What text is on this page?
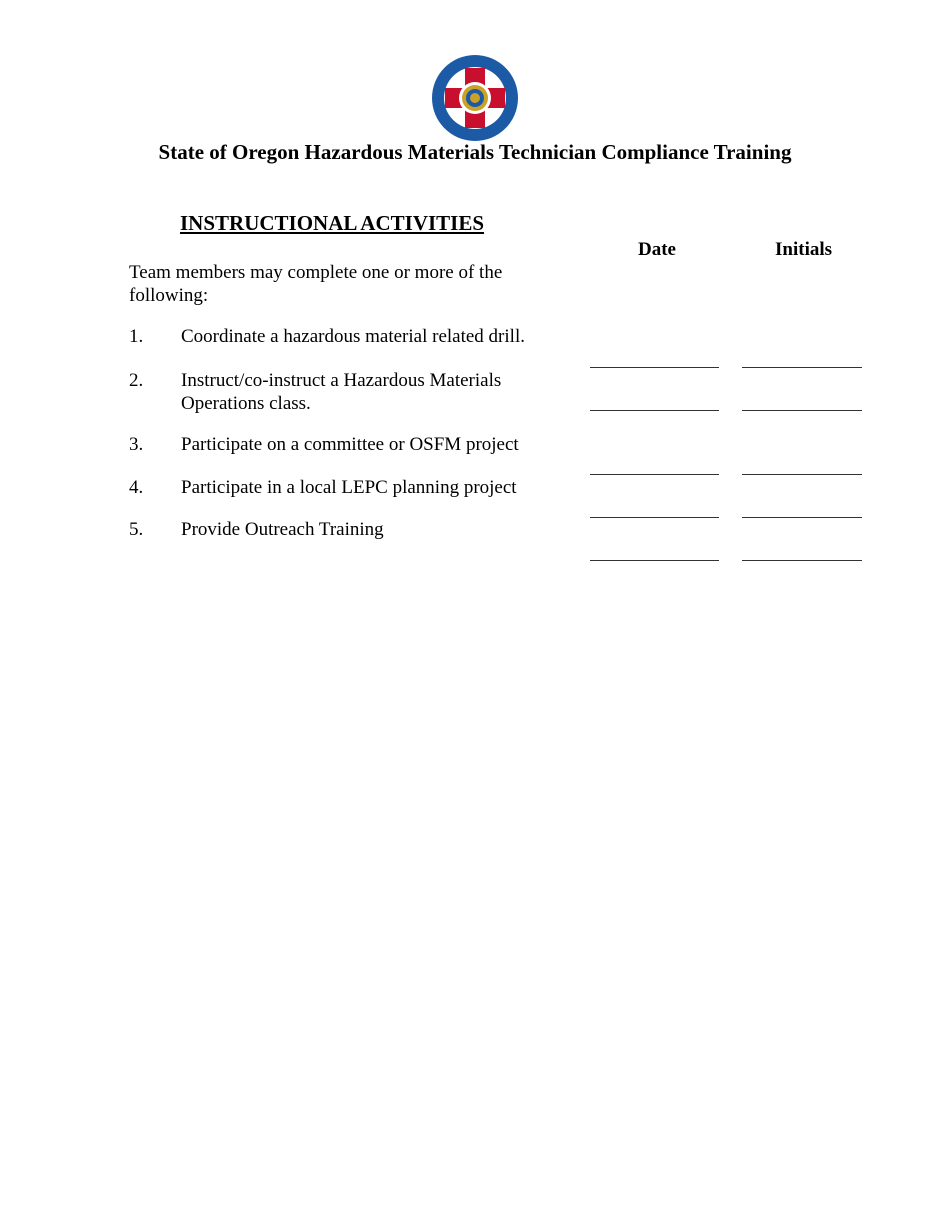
State of Oregon Hazardous Materials Technician Compliance Training
INSTRUCTIONAL ACTIVITIES
Date	Initials
Team members may complete one or more of the following:
1. Coordinate a hazardous material related drill.
2. Instruct/co-instruct a Hazardous Materials Operations class.
3. Participate on a committee or OSFM project
4. Participate in a local LEPC planning project
5. Provide Outreach Training
